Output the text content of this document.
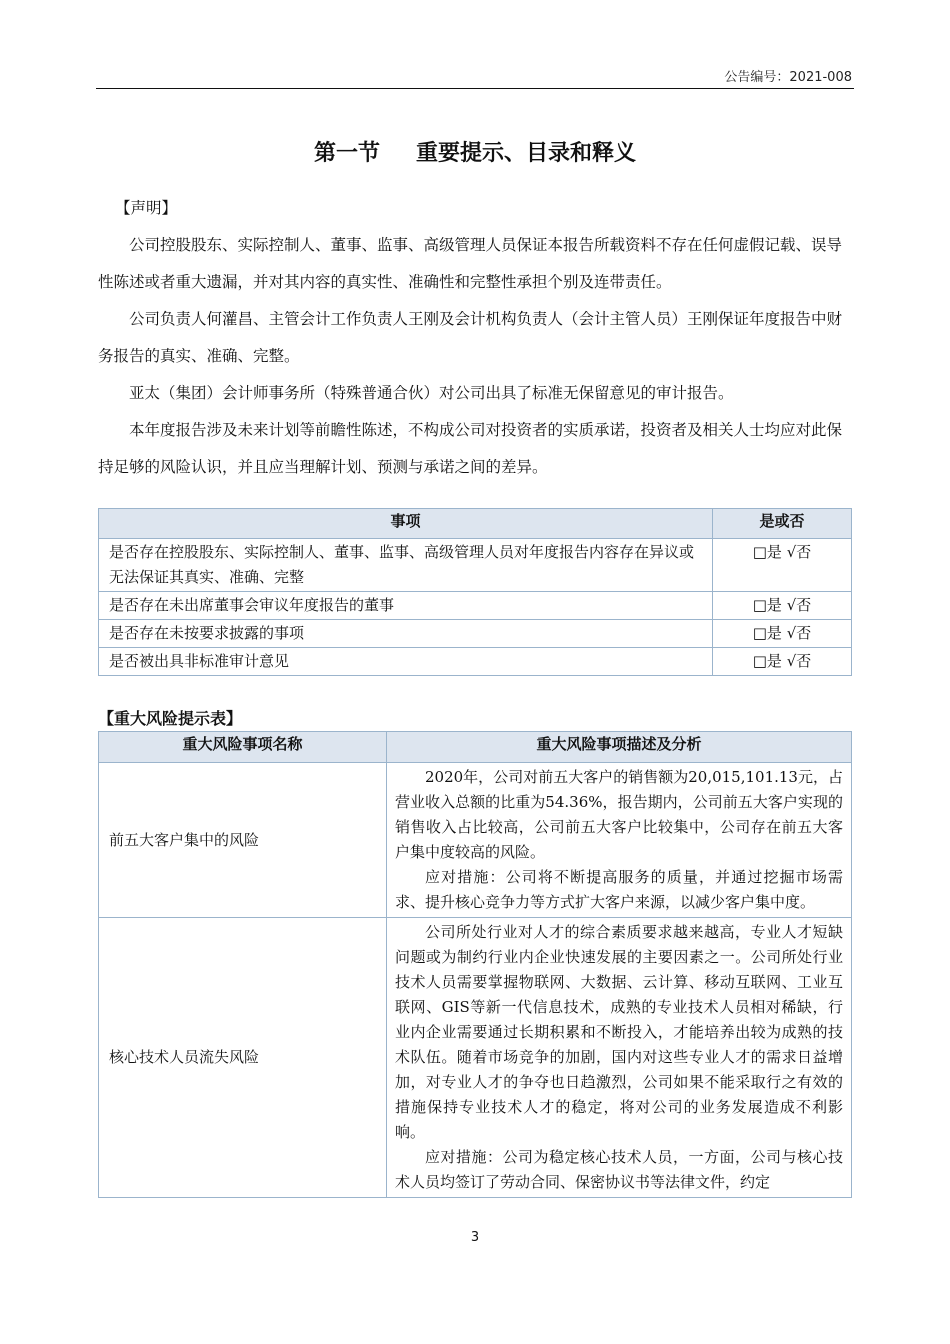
公告编号：2021-008
第一节 重要提示、目录和释义

【声明】

公司控股股东、实际控制人、董事、监事、高级管理人员保证本报告所载资料不存在任何虚假记载、误导性陈述或者重大遗漏，并对其内容的真实性、准确性和完整性承担个别及连带责任。

公司负责人何灌昌、主管会计工作负责人王刚及会计机构负责人（会计主管人员）王刚保证年度报告中财务报告的真实、准确、完整。

亚太（集团）会计师事务所（特殊普通合伙）对公司出具了标准无保留意见的审计报告。

本年度报告涉及未来计划等前瞻性陈述，不构成公司对投资者的实质承诺，投资者及相关人士均应对此保持足够的风险认识，并且应当理解计划、预测与承诺之间的差异。

事项	是或否
是否存在控股股东、实际控制人、董事、监事、高级管理人员对年度报告内容存在异议或无法保证其真实、准确、完整	□是 √否
是否存在未出席董事会审议年度报告的董事	□是 √否
是否存在未按要求披露的事项	□是 √否
是否被出具非标准审计意见	□是 √否
【重大风险提示表】
重大风险事项名称	重大风险事项描述及分析
前五大客户集中的风险	2020年，公司对前五大客户的销售额为20,015,101.13元，占营业收入总额的比重为54.36%，报告期内，公司前五大客户实现的销售收入占比较高，公司前五大客户比较集中，公司存在前五大客户集中度较高的风险。

应对措施：公司将不断提高服务的质量，并通过挖掘市场需求、提升核心竞争力等方式扩大客户来源，以减少客户集中度。

核心技术人员流失风险	公司所处行业对人才的综合素质要求越来越高，专业人才短缺问题或为制约行业内企业快速发展的主要因素之一。公司所处行业技术人员需要掌握物联网、大数据、云计算、移动互联网、工业互联网、GIS等新一代信息技术，成熟的专业技术人员相对稀缺，行业内企业需要通过长期积累和不断投入，才能培养出较为成熟的技术队伍。随着市场竞争的加剧，国内对这些专业人才的需求日益增加，对专业人才的争夺也日趋激烈，公司如果不能采取行之有效的措施保持专业技术人才的稳定，将对公司的业务发展造成不利影响。

应对措施：公司为稳定核心技术人员，一方面，公司与核心技术人员均签订了劳动合同、保密协议书等法律文件，约定

3
